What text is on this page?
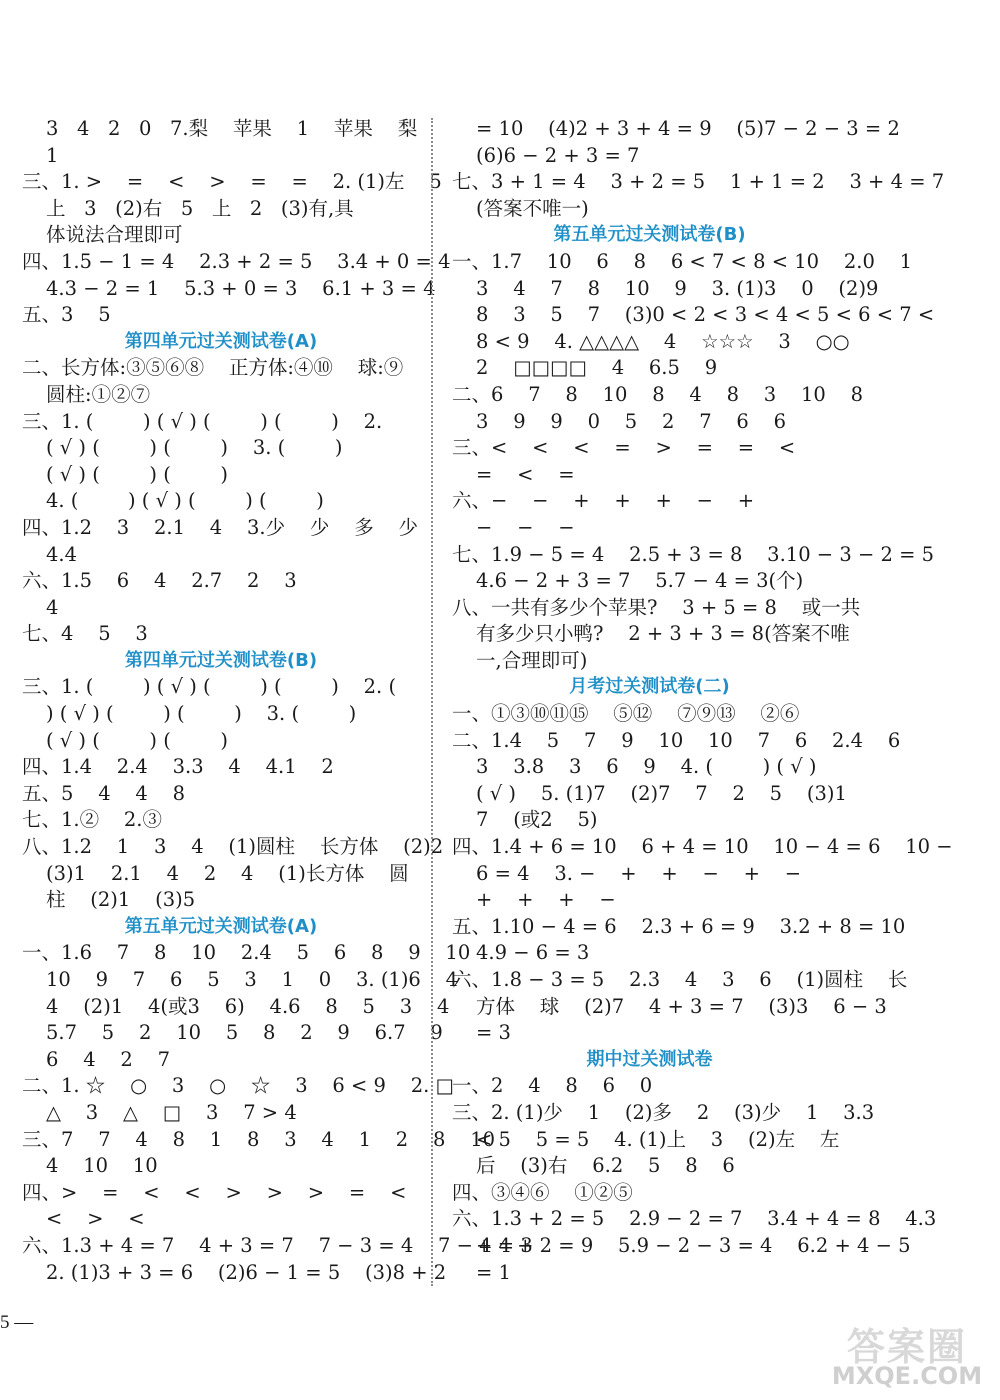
3   4   2   0   7.梨    苹果    1    苹果    梨
1
三、1. >    =    <    >    =    =    2. (1)左    5
上   3   (2)右   5   上   2   (3)有,具
体说法合理即可
四、1.5 − 1 = 4    2.3 + 2 = 5    3.4 + 0 = 4
4.3 − 2 = 1    5.3 + 0 = 3    6.1 + 3 = 4
五、3    5
第四单元过关测试卷(A)
二、长方体:③⑤⑥⑧    正方体:④⑩    球:⑨
圆柱:①②⑦
三、1. (        ) ( √ ) (        ) (        )    2.
( √ ) (        ) (        )    3. (        )
( √ ) (        ) (        )
4. (        ) ( √ ) (        ) (        )
四、1.2    3    2.1    4    3.少    少    多    少
4.4
六、1.5    6    4    2.7    2    3
4
七、4    5    3
第四单元过关测试卷(B)
三、1. (        ) ( √ ) (        ) (        )    2. (
) ( √ ) (        ) (        )    3. (        )
( √ ) (        ) (        )
四、1.4    2.4    3.3    4    4.1    2
五、5    4    4    8
七、1.②    2.③
八、1.2    1    3    4    (1)圆柱    长方体    (2)2
(3)1    2.1    4    2    4    (1)长方体    圆
柱    (2)1    (3)5
第五单元过关测试卷(A)
一、1.6    7    8    10    2.4    5    6    8    9    10
10    9    7    6    5    3    1    0    3. (1)6    4
4    (2)1    4(或3    6)    4.6    8    5    3    4
5.7    5    2    10    5    8    2    9    6.7    9
6    4    2    7
二、1. ☆    ○    3    ○    ☆    3    6 < 9    2. □
△    3    △    □    3    7 > 4
三、7    7    4    8    1    8    3    4    1    2    8    10
4    10    10
四、>    =    <    <    >    >    >    =    <
<    >    <
六、1.3 + 4 = 7    4 + 3 = 7    7 − 3 = 4    7 − 4 = 3
2. (1)3 + 3 = 6    (2)6 − 1 = 5    (3)8 + 2
= 10    (4)2 + 3 + 4 = 9    (5)7 − 2 − 3 = 2
(6)6 − 2 + 3 = 7
七、3 + 1 = 4    3 + 2 = 5    1 + 1 = 2    3 + 4 = 7
(答案不唯一)
第五单元过关测试卷(B)
一、1.7    10    6    8    6 < 7 < 8 < 10    2.0    1
3    4    7    8    10    9    3. (1)3    0    (2)9
8    3    5    7    (3)0 < 2 < 3 < 4 < 5 < 6 < 7 <
8 < 9    4. △△△△    4    ☆☆☆    3    ○○
2    □□□□    4    6.5    9
二、6    7    8    10    8    4    8    3    10    8
3    9    9    0    5    2    7    6    6
三、<    <    <    =    >    =    =    <
=    <    =
六、−    −    +    +    +    −    +
−    −    −
七、1.9 − 5 = 4    2.5 + 3 = 8    3.10 − 3 − 2 = 5
4.6 − 2 + 3 = 7    5.7 − 4 = 3(个)
八、一共有多少个苹果?    3 + 5 = 8    或一共
有多少只小鸭?    2 + 3 + 3 = 8(答案不唯
一,合理即可)
月考过关测试卷(二)
一、①③⑩⑪⑮    ⑤⑫    ⑦⑨⑬    ②⑥
二、1.4    5    7    9    10    10    7    6    2.4    6
3    3.8    3    6    9    4. (        ) ( √ )
( √ )    5. (1)7    (2)7    7    2    5    (3)1
7    (或2    5)
四、1.4 + 6 = 10    6 + 4 = 10    10 − 4 = 6    10 −
6 = 4    3. −    +    +    −    +    −
+    +    +    −
五、1.10 − 4 = 6    2.3 + 6 = 9    3.2 + 8 = 10
4.9 − 6 = 3
六、1.8 − 3 = 5    2.3    4    3    6    (1)圆柱    长
方体    球    (2)7    4 + 3 = 7    (3)3    6 − 3
= 3
期中过关测试卷
一、2    4    8    6    0
三、2. (1)少    1    (2)多    2    (3)少    1    3.3
< 5    5 = 5    4. (1)上    3    (2)左    左
后    (3)右    6.2    5    8    6
四、③④⑥    ①②⑤
六、1.3 + 2 = 5    2.9 − 2 = 7    3.4 + 4 = 8    4.3
+ 4 + 2 = 9    5.9 − 2 − 3 = 4    6.2 + 4 − 5
= 1
5 —
答案圈
MXQE.COM
